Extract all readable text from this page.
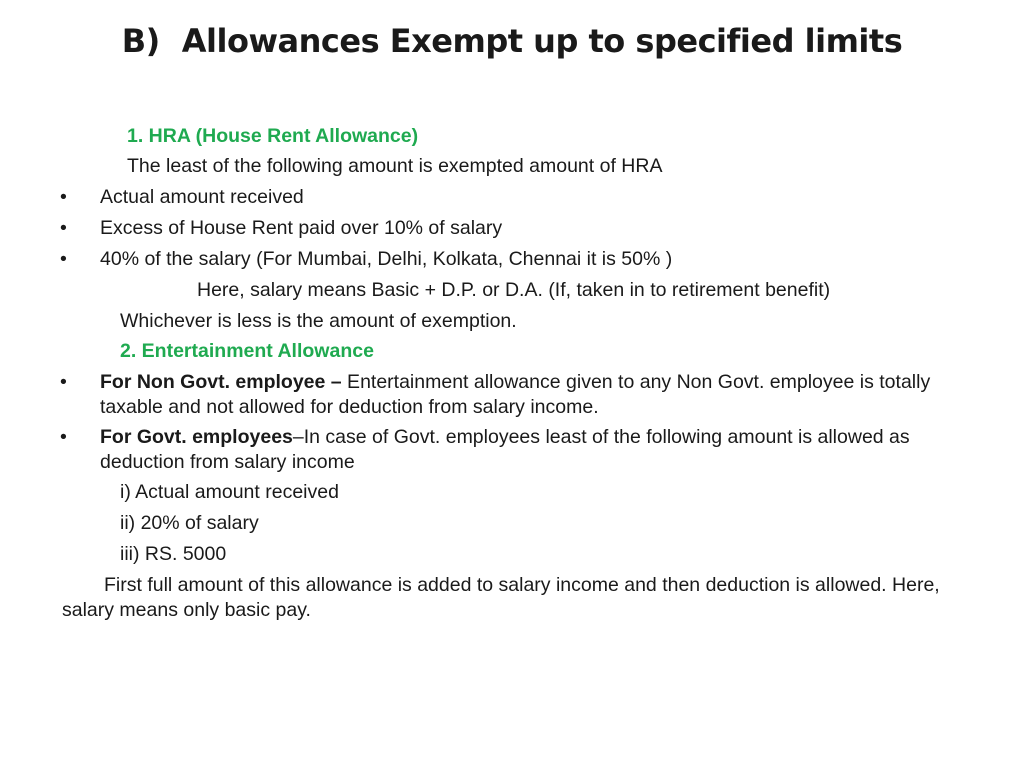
B) Allowances Exempt up to specified limits
1. HRA (House Rent Allowance)
The least of the following amount is exempted amount of HRA
• Actual amount received
• Excess of House Rent paid over 10% of salary
• 40% of the salary (For Mumbai, Delhi, Kolkata, Chennai it is 50% )
Here, salary means Basic + D.P. or D.A. (If, taken in to retirement benefit)
Whichever is less is the amount of exemption.
2. Entertainment Allowance
• For Non Govt. employee – Entertainment allowance given to any Non Govt. employee is totally taxable and not allowed for deduction from salary income.
• For Govt. employees–In case of Govt. employees least of the following amount is allowed as deduction from salary income
i) Actual amount received
ii) 20% of salary
iii) RS. 5000
First full amount of this allowance is added to salary income and then deduction is allowed. Here, salary means only basic pay.
